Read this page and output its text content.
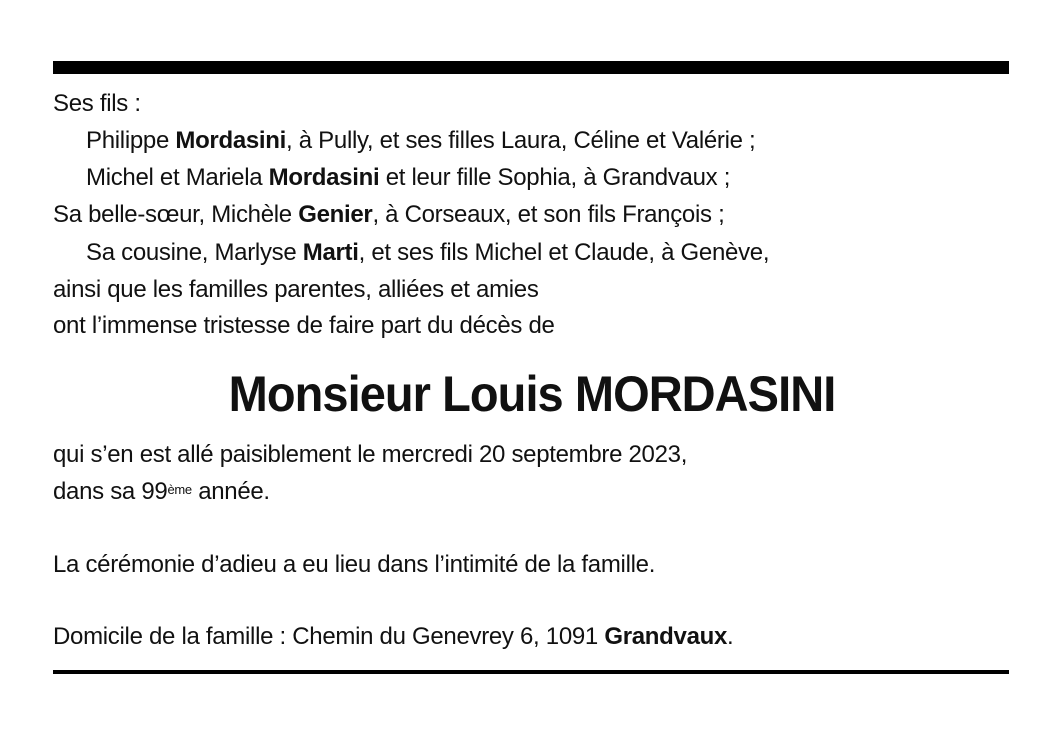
Ses fils :
Philippe Mordasini, à Pully, et ses filles Laura, Céline et Valérie ;
Michel et Mariela Mordasini et leur fille Sophia, à Grandvaux ;
Sa belle-sœur, Michèle Genier, à Corseaux, et son fils François ;
Sa cousine, Marlyse Marti, et ses fils Michel et Claude, à Genève,
ainsi que les familles parentes, alliées et amies
ont l’immense tristesse de faire part du décès de
Monsieur Louis MORDASINI
qui s’en est allé paisiblement le mercredi 20 septembre 2023,
dans sa 99ème année.
La cérémonie d’adieu a eu lieu dans l’intimité de la famille.
Domicile de la famille : Chemin du Genevrey 6, 1091 Grandvaux.
